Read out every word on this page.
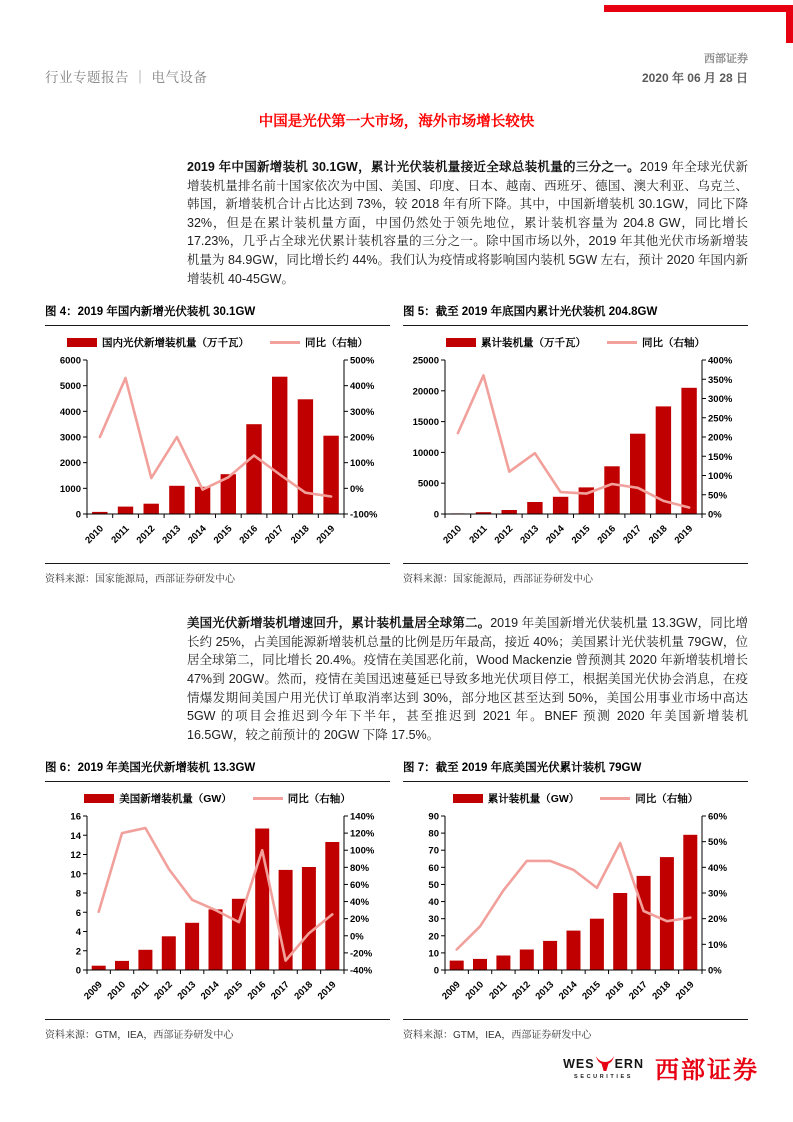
行业专题报告 ｜ 电气设备
西部证券
2020 年 06 月 28 日
中国是光伏第一大市场，海外市场增长较快

2019 年中国新增装机 30.1GW，累计光伏装机量接近全球总装机量的三分之一。2019 年全球光伏新增装机量排名前十国家依次为中国、美国、印度、日本、越南、西班牙、德国、澳大利亚、乌克兰、韩国，新增装机合计占比达到 73%，较 2018 年有所下降。其中，中国新增装机 30.1GW，同比下降 32%，但是在累计装机量方面，中国仍然处于领先地位，累计装机容量为 204.8 GW，同比增长 17.23%，几乎占全球光伏累计装机容量的三分之一。除中国市场以外，2019 年其他光伏市场新增装机量为 84.9GW，同比增长约 44%。我们认为疫情或将影响国内装机 5GW 左右，预计 2020 年国内新增装机 40-45GW。

图 4：2019 年国内新增光伏装机 30.1GW
国内光伏新增装机量（万千瓦）	同比（右轴）
0
1000
2000
3000
4000
5000
6000
-100%
0%
100%
200%
300%
400%
500%
2010 2011 2012 2013 2014 2015 2016 2017 2018 2019
资料来源：国家能源局，西部证券研发中心
图 5：截至 2019 年底国内累计光伏装机 204.8GW
累计装机量（万千瓦）	同比（右轴）
0
5000
10000
15000
20000
25000
0%
50%
100%
150%
200%
250%
300%
350%
400%
2010 2011 2012 2013 2014 2015 2016 2017 2018 2019
资料来源：国家能源局，西部证券研发中心

美国光伏新增装机增速回升，累计装机量居全球第二。2019 年美国新增光伏装机量 13.3GW，同比增长约 25%，占美国能源新增装机总量的比例是历年最高，接近 40%；美国累计光伏装机量 79GW，位居全球第二，同比增长 20.4%。疫情在美国恶化前，Wood Mackenzie 曾预测其 2020 年新增装机增长 47%到 20GW。然而，疫情在美国迅速蔓延已导致多地光伏项目停工，根据美国光伏协会消息，在疫情爆发期间美国户用光伏订单取消率达到 30%，部分地区甚至达到 50%，美国公用事业市场中高达 5GW 的项目会推迟到今年下半年，甚至推迟到 2021 年。BNEF 预测 2020 年美国新增装机 16.5GW，较之前预计的 20GW 下降 17.5%。

图 6：2019 年美国光伏新增装机 13.3GW
美国新增装机量（GW）	同比（右轴）
0
2
4
6
8
10
12
14
16
-40%
-20%
0%
20%
40%
60%
80%
100%
120%
140%
2009 2010 2011 2012 2013 2014 2015 2016 2017 2018 2019
资料来源：GTM，IEA，西部证券研发中心
图 7：截至 2019 年底美国光伏累计装机 79GW
累计装机量（GW）	同比（右轴）
0
10
20
30
40
50
60
70
80
90
0%
10%
20%
30%
40%
50%
60%
2009 2010 2011 2012 2013 2014 2015 2016 2017 2018 2019
资料来源：GTM，IEA，西部证券研发中心
WES ERN
SECURITIES 西部证券
